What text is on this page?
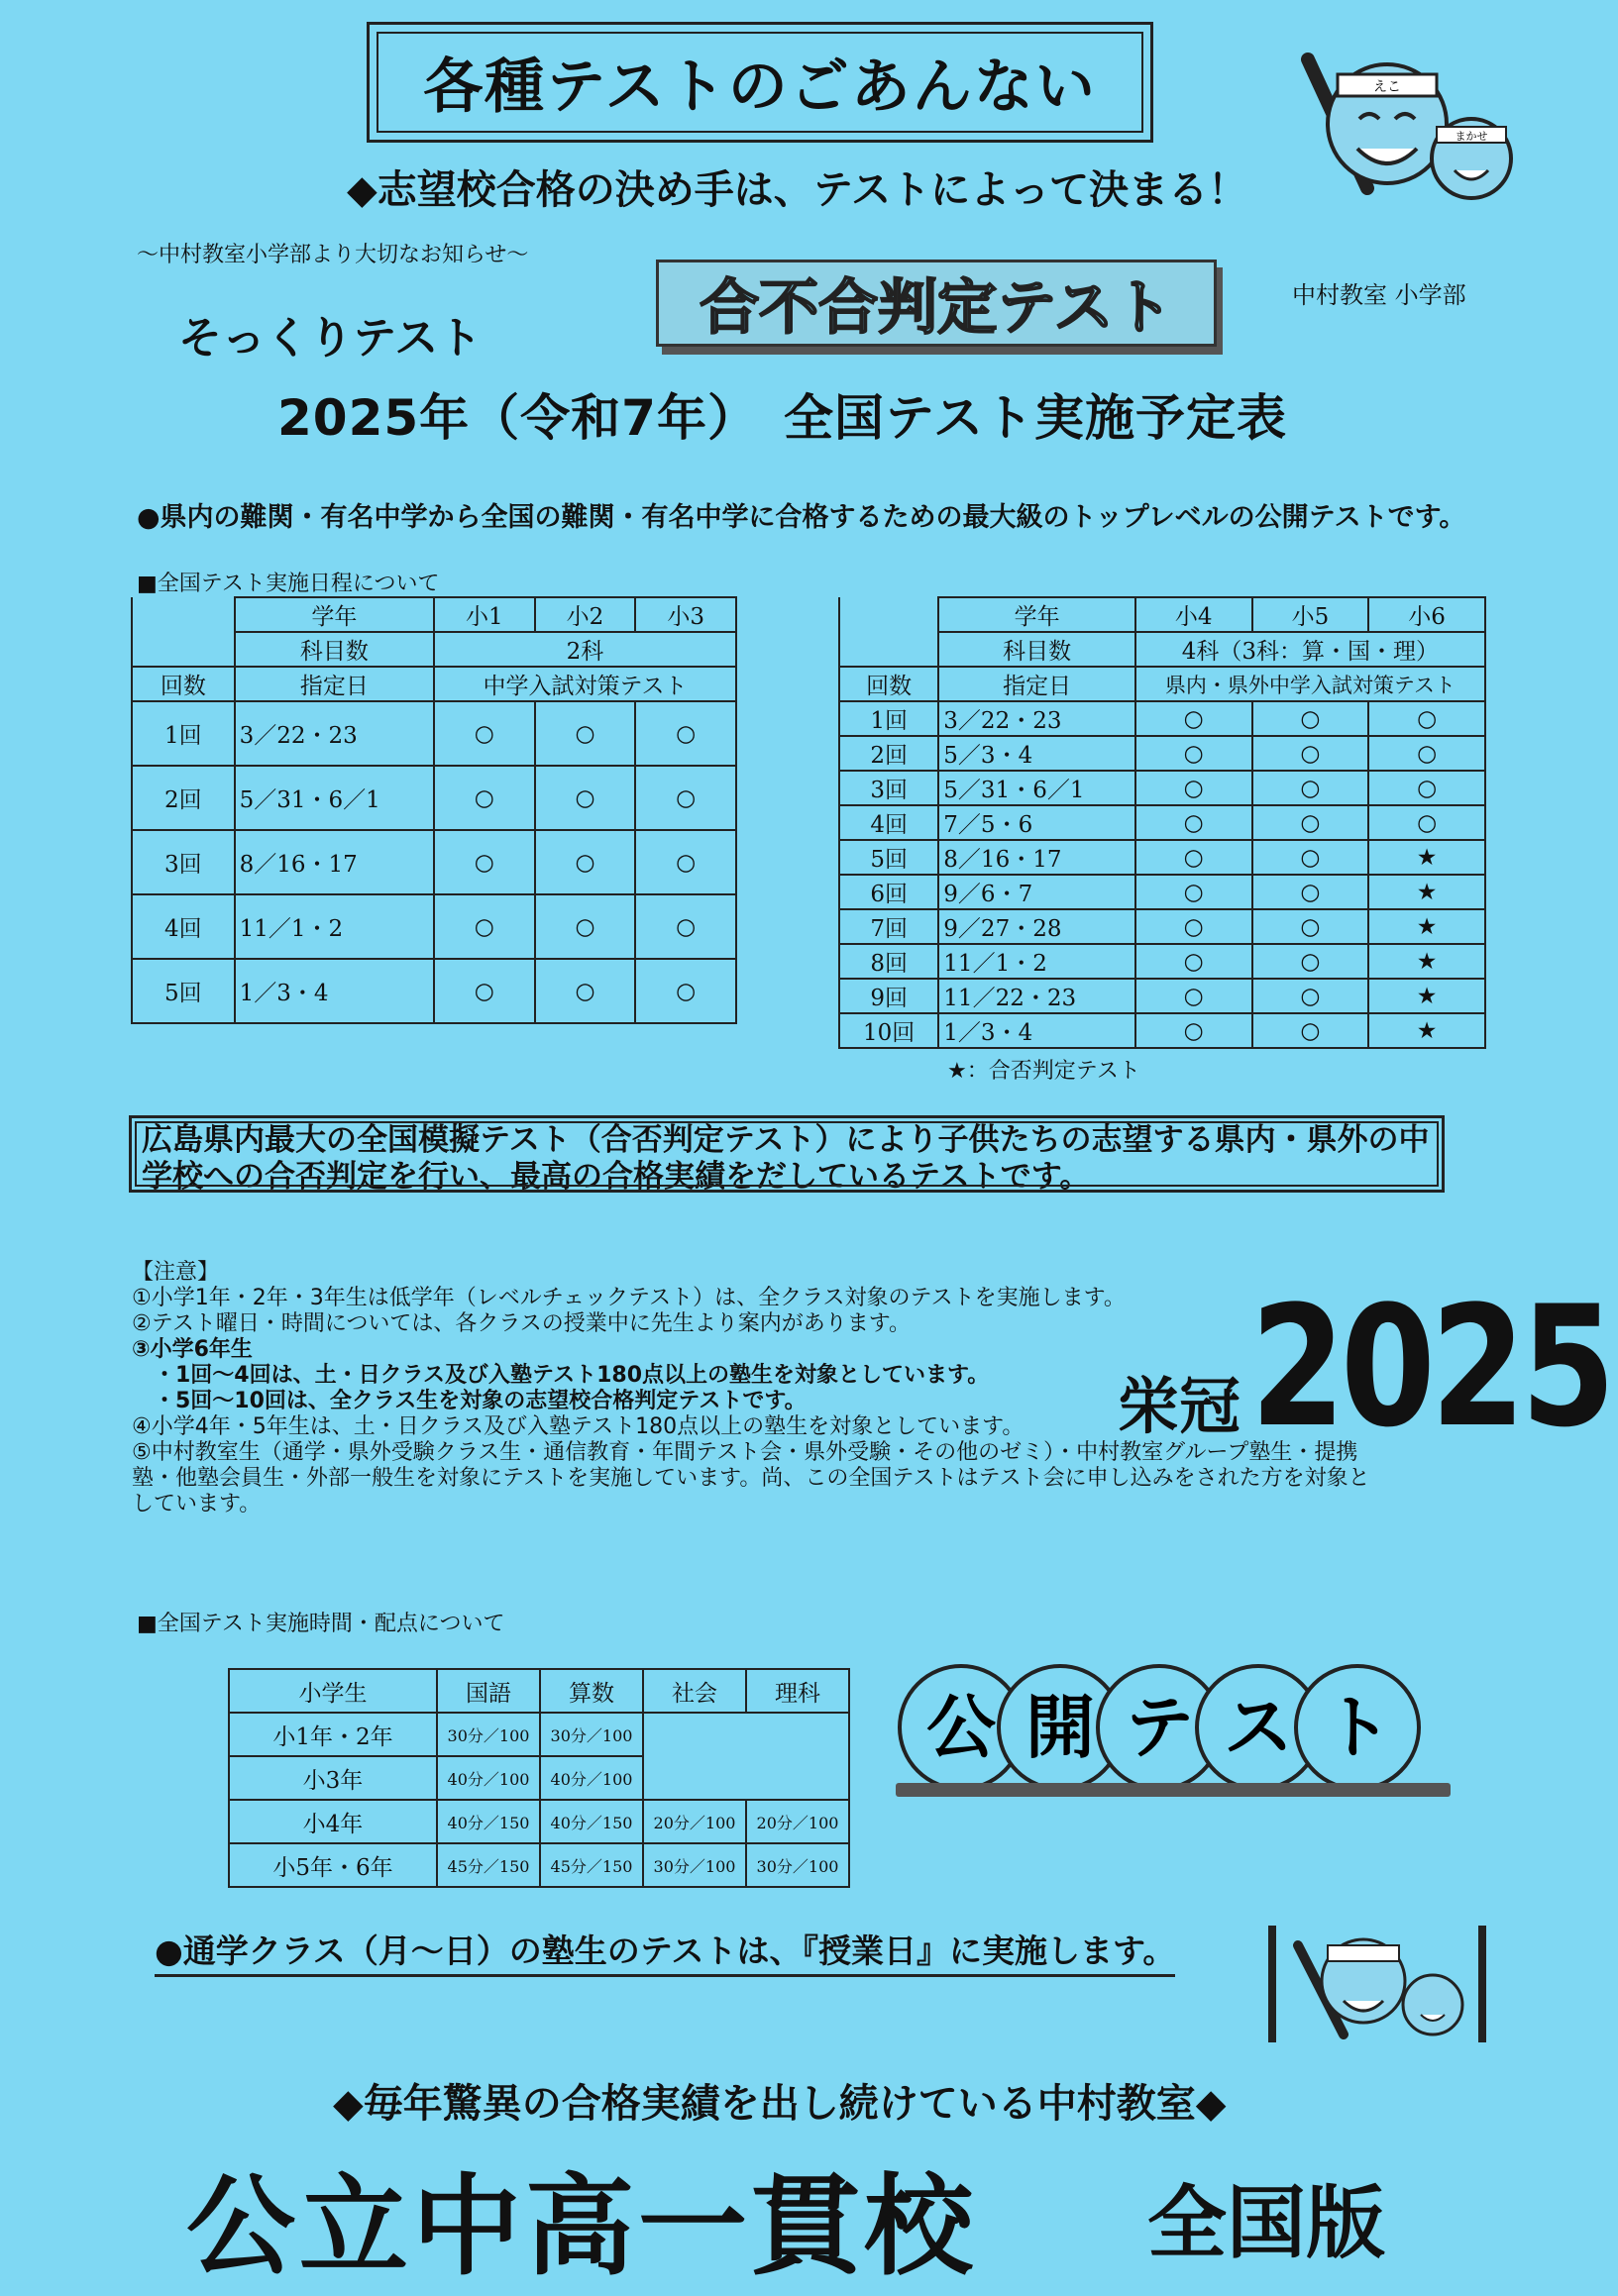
各種テストのごあんない
◆志望校合格の決め手は、テストによって決まる！
～中村教室小学部より大切なお知らせ～
そっくりテスト	合不合判定テスト	中村教室 小学部
2025年（令和7年）　全国テスト実施予定表
えこ
まかせ
●県内の難関・有名中学から全国の難関・有名中学に合格するための最大級のトップレベルの公開テストです。
■全国テスト実施日程について
	学年	小1	小2	小3
	科目数	2科		
回数	指定日	中学入試対策テスト		
1回	3／22・23	○	○	○
2回	5／31・6／1	○	○	○
3回	8／16・17	○	○	○
4回	11／1・2	○	○	○
5回	1／3・4	○	○	○
	学年	小4	小5	小6
	科目数	4科（3科：算・国・理）		
回数	指定日	県内・県外中学入試対策テスト		
1回	3／22・23	○	○	○
2回	5／3・4	○	○	○
3回	5／31・6／1	○	○	○
4回	7／5・6	○	○	○
5回	8／16・17	○	○	★
6回	9／6・7	○	○	★
7回	9／27・28	○	○	★
8回	11／1・2	○	○	★
9回	11／22・23	○	○	★
10回	1／3・4	○	○	★
★：合否判定テスト
広島県内最大の全国模擬テスト（合否判定テスト）により子供たちの志望する県内・県外の中学校への合否判定を行い、最高の合格実績をだしているテストです。
【注意】
①小学1年・2年・3年生は低学年（レベルチェックテスト）は、全クラス対象のテストを実施します。
②テスト曜日・時間については、各クラスの授業中に先生より案内があります。
③小学6年生
　・1回～4回は、土・日クラス及び入塾テスト180点以上の塾生を対象としています。
　・5回～10回は、全クラス生を対象の志望校合格判定テストです。
④小学4年・5年生は、土・日クラス及び入塾テスト180点以上の塾生を対象としています。
⑤中村教室生（通学・県外受験クラス生・通信教育・年間テスト会・県外受験・その他のゼミ）・中村教室グループ塾生・提携
塾・他塾会員生・外部一般生を対象にテストを実施しています。尚、この全国テストはテスト会に申し込みをされた方を対象と
しています。
栄冠 2025
■全国テスト実施時間・配点について
小学生	国語	算数	社会	理科
小1年・2年	30分／100	30分／100		
小3年	40分／100	40分／100		
小4年	40分／150	40分／150	20分／100	20分／100
小5年・6年	45分／150	45分／150	30分／100	30分／100
公 開 テ ス ト
●通学クラス（月～日）の塾生のテストは、『授業日』に実施します。
◆毎年驚異の合格実績を出し続けている中村教室◆
公立中高一貫校 全国版
